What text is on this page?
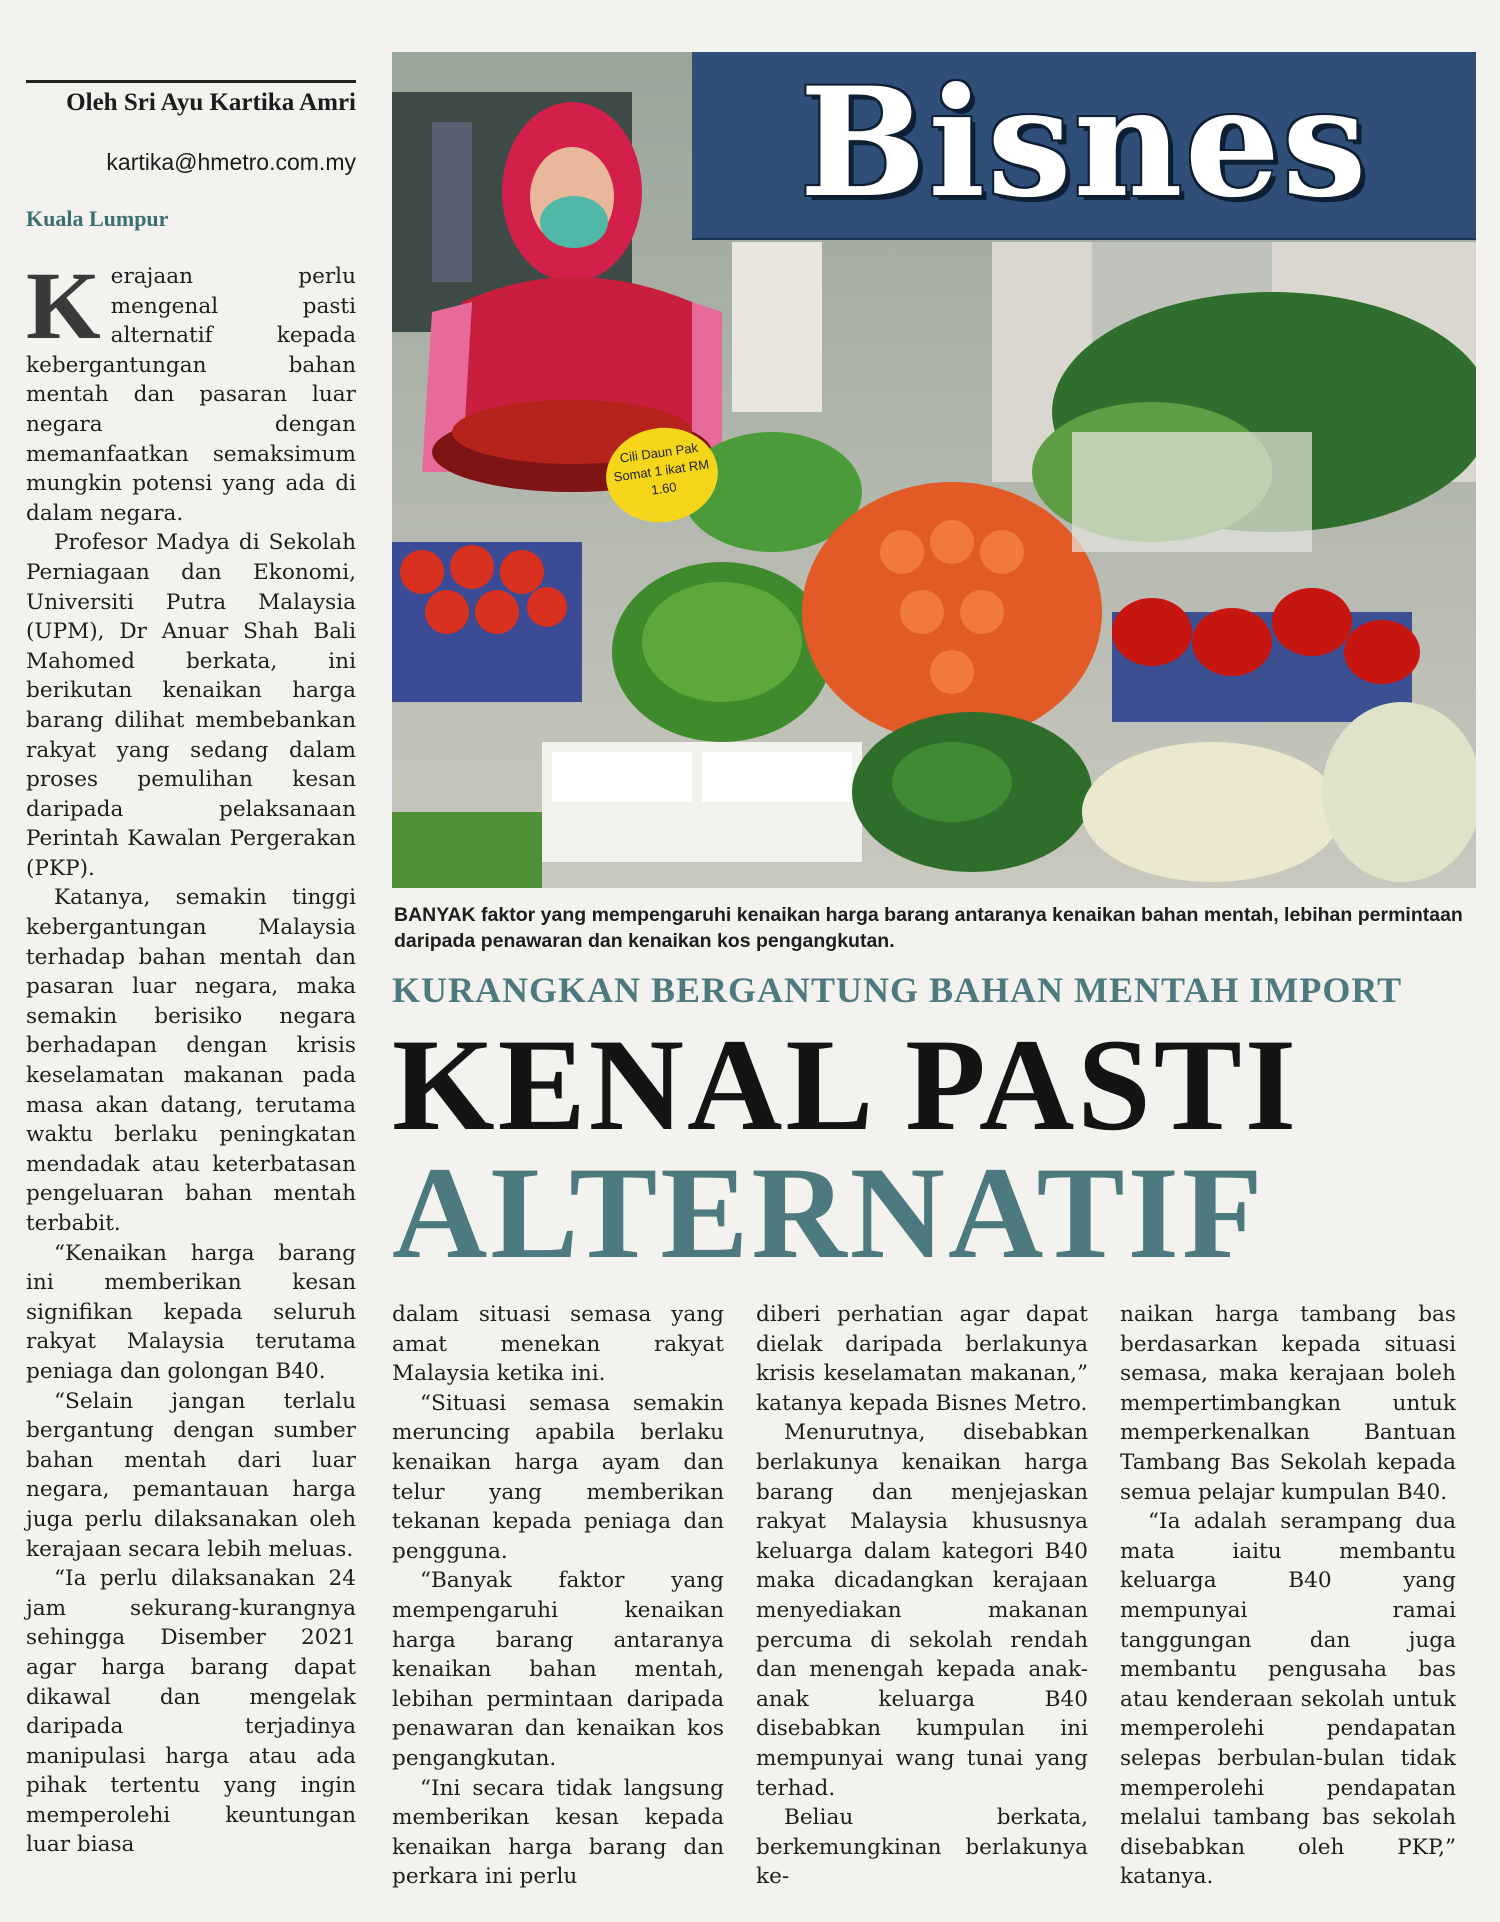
Oleh Sri Ayu Kartika Amri
kartika@hmetro.com.my
Kuala Lumpur

Kerajaan perlu mengenal pasti alternatif kepada kebergantungan bahan mentah dan pasaran luar negara dengan memanfaatkan semaksimum mungkin potensi yang ada di dalam negara.

Profesor Madya di Sekolah Perniagaan dan Ekonomi, Universiti Putra Malaysia (UPM), Dr Anuar Shah Bali Mahomed berkata, ini berikutan kenaikan harga barang dilihat membebankan rakyat yang sedang dalam proses pemulihan kesan daripada pelaksanaan Perintah Kawalan Pergerakan (PKP).

Katanya, semakin tinggi kebergantungan Malaysia terhadap bahan mentah dan pasaran luar negara, maka semakin berisiko negara berhadapan dengan krisis keselamatan makanan pada masa akan datang, terutama waktu berlaku peningkatan mendadak atau keterbatasan pengeluaran bahan mentah terbabit.

“Kenaikan harga barang ini memberikan kesan signifikan kepada seluruh rakyat Malaysia terutama peniaga dan golongan B40.

“Selain jangan terlalu bergantung dengan sumber bahan mentah dari luar negara, pemantauan harga juga perlu dilaksanakan oleh kerajaan secara lebih meluas.

“Ia perlu dilaksanakan 24 jam sekurang-kurangnya sehingga Disember 2021 agar harga barang dapat dikawal dan mengelak daripada terjadinya manipulasi harga atau ada pihak tertentu yang ingin memperolehi keuntungan luar biasa

Cili Daun Pak Somat 1 ikat RM 1.60
Bisnes
BANYAK faktor yang mempengaruhi kenaikan harga barang antaranya kenaikan bahan mentah, lebihan permintaan daripada penawaran dan kenaikan kos pengangkutan.
KURANGKAN BERGANTUNG BAHAN MENTAH IMPORT
KENAL PASTI
ALTERNATIF

dalam situasi semasa yang amat menekan rakyat Malaysia ketika ini.

“Situasi semasa semakin meruncing apabila berlaku kenaikan harga ayam dan telur yang memberikan tekanan kepada peniaga dan pengguna.

“Banyak faktor yang mempengaruhi kenaikan harga barang antaranya kenaikan bahan mentah, lebihan permintaan daripada penawaran dan kenaikan kos pengangkutan.

“Ini secara tidak langsung memberikan kesan kepada kenaikan harga barang dan perkara ini perlu

diberi perhatian agar dapat dielak daripada berlakunya krisis keselamatan makanan,” katanya kepada Bisnes Metro.

Menurutnya, disebabkan berlakunya kenaikan harga barang dan menjejaskan rakyat Malaysia khususnya keluarga dalam kategori B40 maka dicadangkan kerajaan menyediakan makanan percuma di sekolah rendah dan menengah kepada anak-anak keluarga B40 disebabkan kumpulan ini mempunyai wang tunai yang terhad.

Beliau berkata, berkemungkinan berlakunya ke-

naikan harga tambang bas berdasarkan kepada situasi semasa, maka kerajaan boleh mempertimbangkan untuk memperkenalkan Bantuan Tambang Bas Sekolah kepada semua pelajar kumpulan B40.

“Ia adalah serampang dua mata iaitu membantu keluarga B40 yang mempunyai ramai tanggungan dan juga membantu pengusaha bas atau kenderaan sekolah untuk memperolehi pendapatan selepas berbulan-bulan tidak memperolehi pendapatan melalui tambang bas sekolah disebabkan oleh PKP,” katanya.
